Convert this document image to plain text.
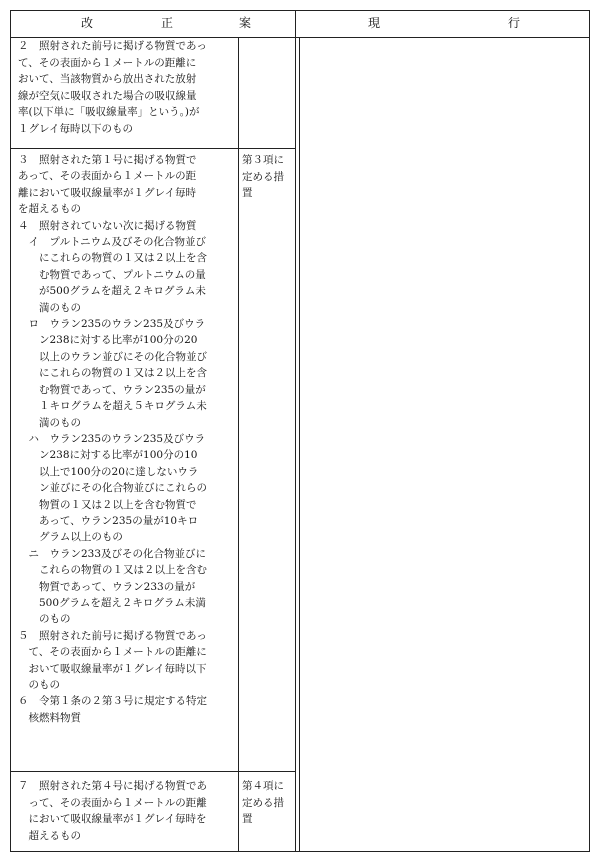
改	正	案	現	行
２　照射された前号に掲げる物質であっ
て、その表面から１メートルの距離に
おいて、当該物質から放出された放射
線が空気に吸収された場合の吸収線量
率(以下単に「吸収線量率」という。)が
１グレイ毎時以下のもの
３　照射された第１号に掲げる物質で
あって、その表面から１メートルの距
離において吸収線量率が１グレイ毎時
を超えるもの
４　照射されていない次に掲げる物質
　イ　プルトニウム及びその化合物並び
　　にこれらの物質の１又は２以上を含
　　む物質であって、プルトニウムの量
　　が500グラムを超え２キログラム未
　　満のもの
　ロ　ウラン235のウラン235及びウラ
　　ン238に対する比率が100分の20
　　以上のウラン並びにその化合物並び
　　にこれらの物質の１又は２以上を含
　　む物質であって、ウラン235の量が
　　１キログラムを超え５キログラム未
　　満のもの
　ハ　ウラン235のウラン235及びウラ
　　ン238に対する比率が100分の10
　　以上で100分の20に達しないウラ
　　ン並びにその化合物並びにこれらの
　　物質の１又は２以上を含む物質で
　　あって、ウラン235の量が10キロ
　　グラム以上のもの
　ニ　ウラン233及びその化合物並びに
　　これらの物質の１又は２以上を含む
　　物質であって、ウラン233の量が
　　500グラムを超え２キログラム未満
　　のもの
５　照射された前号に掲げる物質であっ
　て、その表面から１メートルの距離に
　おいて吸収線量率が１グレイ毎時以下
　のもの
６　令第１条の２第３号に規定する特定
　核燃料物質
第３項に
定める措
置
７　照射された第４号に掲げる物質であ
　って、その表面から１メートルの距離
　において吸収線量率が１グレイ毎時を
　超えるもの
第４項に
定める措
置
